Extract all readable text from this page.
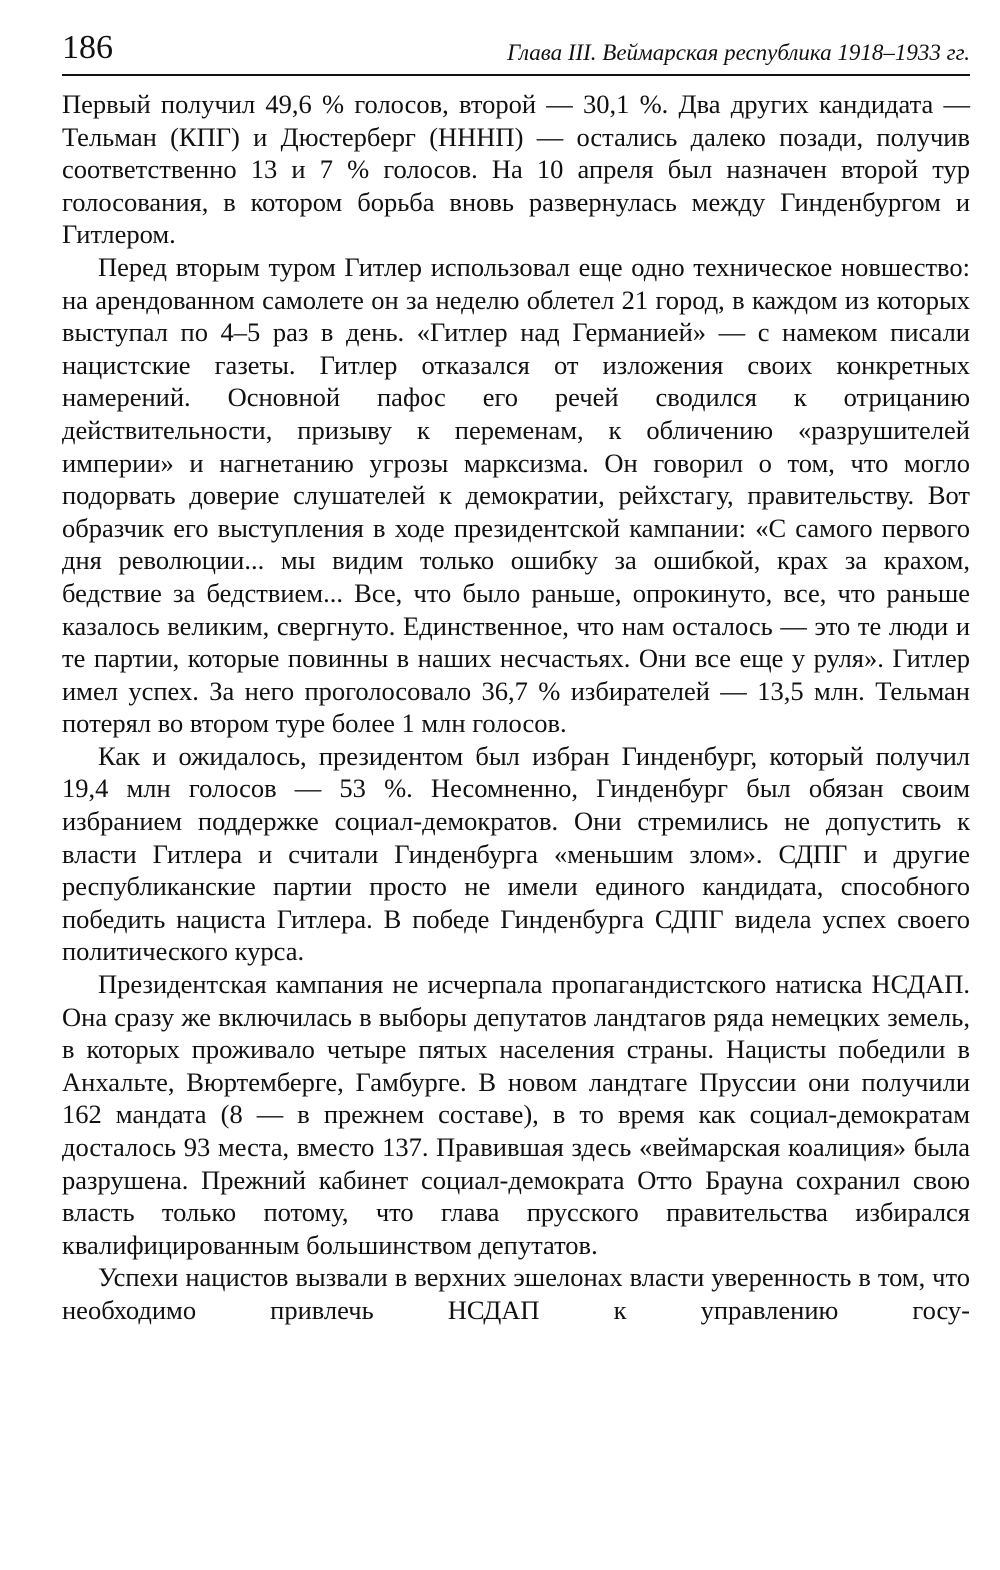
186	Глава III. Веймарская республика 1918–1933 гг.

Первый получил 49,6 % голосов, второй — 30,1 %. Два других кандидата — Тельман (КПГ) и Дюстерберг (НННП) — остались далеко позади, получив соответственно 13 и 7 % голосов. На 10 апреля был назначен второй тур голосования, в котором борьба вновь развернулась между Гинденбургом и Гитлером.

Перед вторым туром Гитлер использовал еще одно техническое новшество: на арендованном самолете он за неделю облетел 21 город, в каждом из которых выступал по 4–5 раз в день. «Гитлер над Германией» — с намеком писали нацистские газеты. Гитлер отказался от изложения своих конкретных намерений. Основной пафос его речей сводился к отрицанию действительности, призыву к переменам, к обличению «разрушителей империи» и нагнетанию угрозы марксизма. Он говорил о том, что могло подорвать доверие слушателей к демократии, рейхстагу, правительству. Вот образчик его выступления в ходе президентской кампании: «С самого первого дня революции... мы видим только ошибку за ошибкой, крах за крахом, бедствие за бедствием... Все, что было раньше, опрокинуто, все, что раньше казалось великим, свергнуто. Единственное, что нам осталось — это те люди и те партии, которые повинны в наших несчастьях. Они все еще у руля». Гитлер имел успех. За него проголосовало 36,7 % избирателей — 13,5 млн. Тельман потерял во втором туре более 1 млн голосов.

Как и ожидалось, президентом был избран Гинденбург, который получил 19,4 млн голосов — 53 %. Несомненно, Гинденбург был обязан своим избранием поддержке социал-демократов. Они стремились не допустить к власти Гитлера и считали Гинденбурга «меньшим злом». СДПГ и другие республиканские партии просто не имели единого кандидата, способного победить нациста Гитлера. В победе Гинденбурга СДПГ видела успех своего политического курса.

Президентская кампания не исчерпала пропагандистского натиска НСДАП. Она сразу же включилась в выборы депутатов ландтагов ряда немецких земель, в которых проживало четыре пятых населения страны. Нацисты победили в Анхальте, Вюртемберге, Гамбурге. В новом ландтаге Пруссии они получили 162 мандата (8 — в прежнем составе), в то время как социал-демократам досталось 93 места, вместо 137. Правившая здесь «веймарская коалиция» была разрушена. Прежний кабинет социал-демократа Отто Брауна сохранил свою власть только потому, что глава прусского правительства избирался квалифицированным большинством депутатов.

Успехи нацистов вызвали в верхних эшелонах власти уверенность в том, что необходимо привлечь НСДАП к управлению госу-
